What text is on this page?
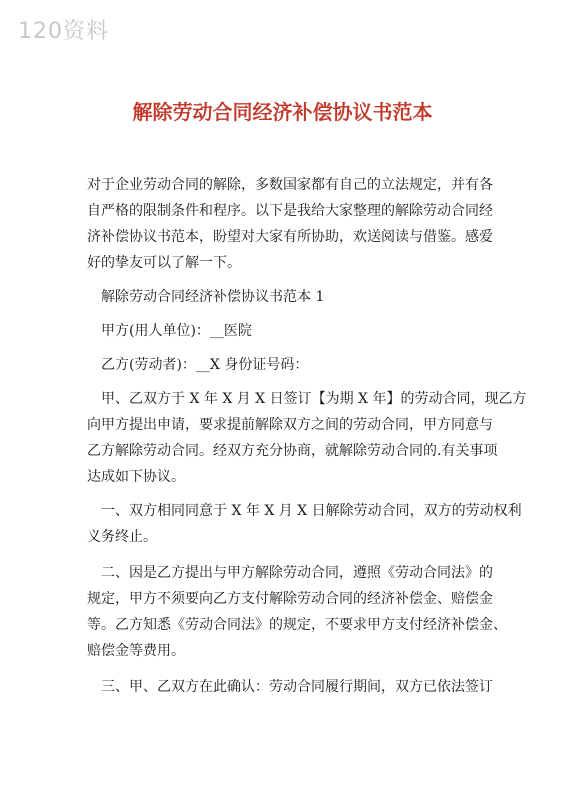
120资料
解除劳动合同经济补偿协议书范本
对于企业劳动合同的解除，多数国家都有自己的立法规定，并有各
自严格的限制条件和程序。以下是我给大家整理的解除劳动合同经
济补偿协议书范本，盼望对大家有所协助，欢送阅读与借鉴。感爱
好的挚友可以了解一下。
解除劳动合同经济补偿协议书范本 1
甲方(用人单位)：__医院
乙方(劳动者)：__X 身份证号码：
甲、乙双方于 X 年 X 月 X 日签订【为期 X 年】的劳动合同，现乙方
向甲方提出申请，要求提前解除双方之间的劳动合同，甲方同意与
乙方解除劳动合同。经双方充分协商，就解除劳动合同的.有关事项
达成如下协议。
一、双方相同同意于 X 年 X 月 X 日解除劳动合同，双方的劳动权利
义务终止。
二、因是乙方提出与甲方解除劳动合同，遵照《劳动合同法》的
规定，甲方不须要向乙方支付解除劳动合同的经济补偿金、赔偿金
等。乙方知悉《劳动合同法》的规定，不要求甲方支付经济补偿金、
赔偿金等费用。
三、甲、乙双方在此确认：劳动合同履行期间，双方已依法签订
